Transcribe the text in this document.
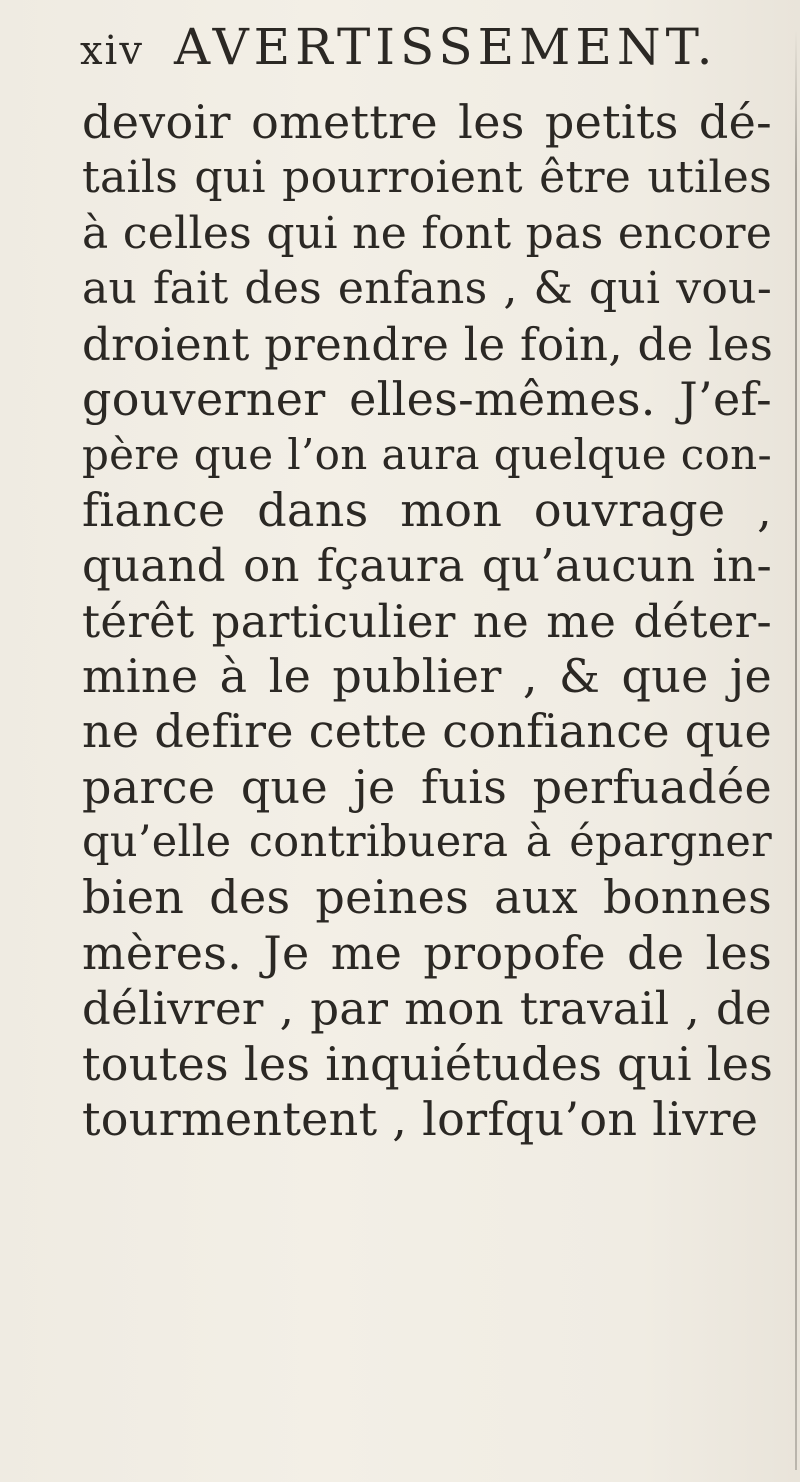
xiv AVERTISSEMENT.
devoir omettre les petits dé-
tails qui pourroient être utiles
à celles qui ne font pas encore
au fait des enfans , & qui vou-
droient prendre le foin, de les
gouverner elles-mêmes. J’ef-
père que l’on aura quelque con-
fiance dans mon ouvrage ,
quand on fçaura qu’aucun in-
térêt particulier ne me déter-
mine à le publier , & que je
ne defire cette confiance que
parce que je fuis perfuadée
qu’elle contribuera à épargner
bien des peines aux bonnes
mères. Je me propofe de les
délivrer , par mon travail , de
toutes les inquiétudes qui les
tourmentent , lorfqu’on livre
